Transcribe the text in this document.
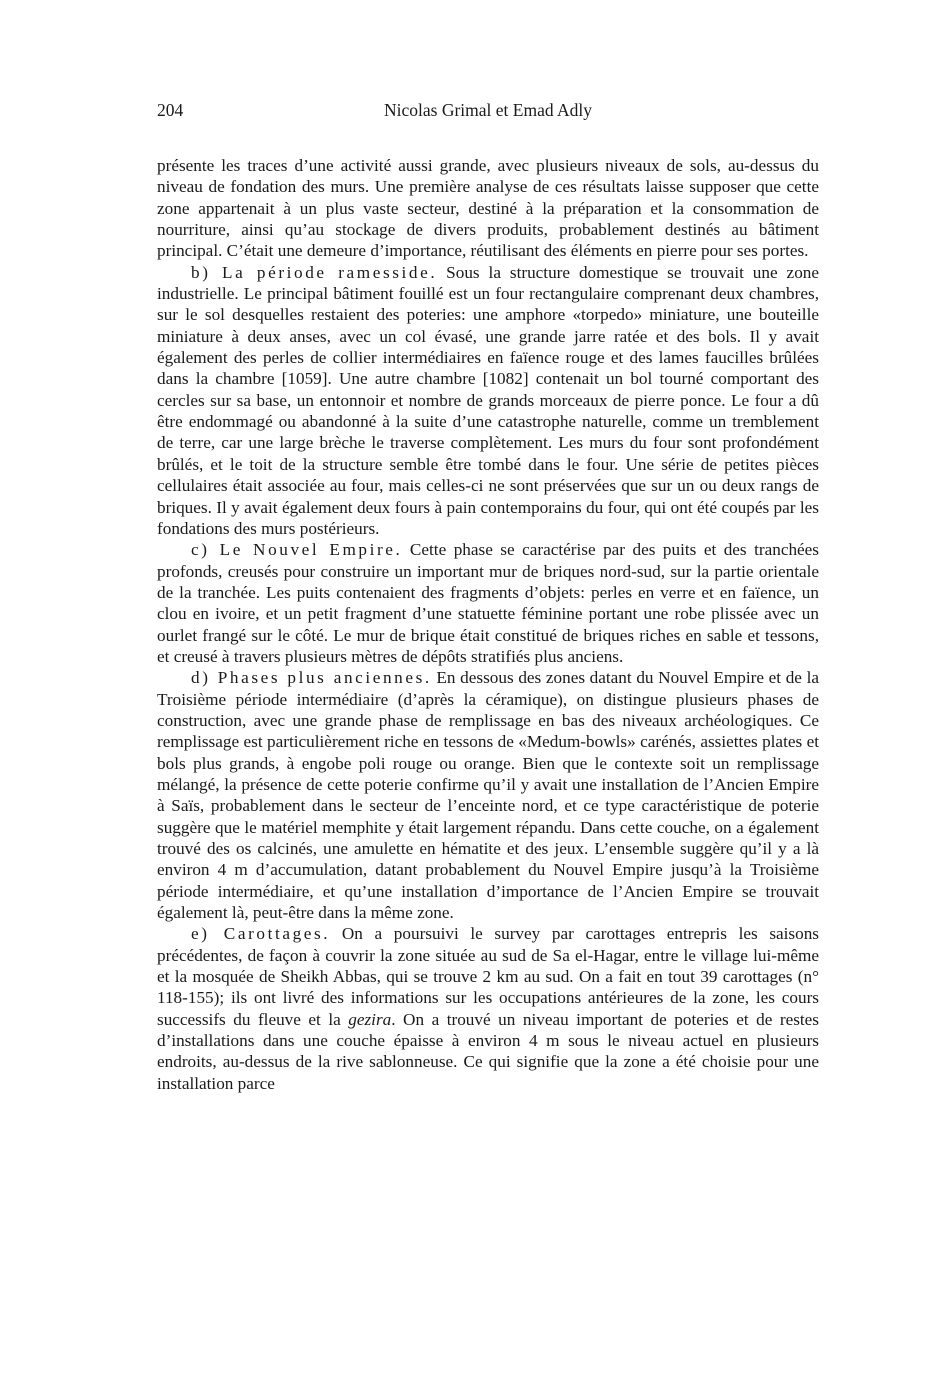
204	Nicolas Grimal et Emad Adly

présente les traces d’une activité aussi grande, avec plusieurs niveaux de sols, au-dessus du niveau de fondation des murs. Une première analyse de ces résultats laisse supposer que cette zone appartenait à un plus vaste secteur, destiné à la préparation et la consommation de nourriture, ainsi qu’au stockage de divers produits, probablement destinés au bâtiment principal. C’était une demeure d’importance, réutilisant des éléments en pierre pour ses portes.

b) La période ramesside. Sous la structure domestique se trouvait une zone industrielle. Le principal bâtiment fouillé est un four rectangulaire comprenant deux chambres, sur le sol desquelles restaient des poteries: une amphore «torpedo» miniature, une bouteille miniature à deux anses, avec un col évasé, une grande jarre ratée et des bols. Il y avait également des perles de collier intermédiaires en faïence rouge et des lames faucilles brûlées dans la chambre [1059]. Une autre chambre [1082] contenait un bol tourné comportant des cercles sur sa base, un entonnoir et nombre de grands morceaux de pierre ponce. Le four a dû être endommagé ou abandonné à la suite d’une catastrophe naturelle, comme un tremblement de terre, car une large brèche le traverse complètement. Les murs du four sont profondément brûlés, et le toit de la structure semble être tombé dans le four. Une série de petites pièces cellulaires était associée au four, mais celles-ci ne sont préservées que sur un ou deux rangs de briques. Il y avait également deux fours à pain contemporains du four, qui ont été coupés par les fondations des murs postérieurs.

c) Le Nouvel Empire. Cette phase se caractérise par des puits et des tranchées profonds, creusés pour construire un important mur de briques nord-sud, sur la partie orientale de la tranchée. Les puits contenaient des fragments d’objets: perles en verre et en faïence, un clou en ivoire, et un petit fragment d’une statuette féminine portant une robe plissée avec un ourlet frangé sur le côté. Le mur de brique était constitué de briques riches en sable et tessons, et creusé à travers plusieurs mètres de dépôts stratifiés plus anciens.

d) Phases plus anciennes. En dessous des zones datant du Nouvel Empire et de la Troisième période intermédiaire (d’après la céramique), on distingue plusieurs phases de construction, avec une grande phase de remplissage en bas des niveaux archéologiques. Ce remplissage est particulièrement riche en tessons de «Medum-bowls» carénés, assiettes plates et bols plus grands, à engobe poli rouge ou orange. Bien que le contexte soit un remplissage mélangé, la présence de cette poterie confirme qu’il y avait une installation de l’Ancien Empire à Saïs, probablement dans le secteur de l’enceinte nord, et ce type caractéristique de poterie suggère que le matériel memphite y était largement répandu. Dans cette couche, on a également trouvé des os calcinés, une amulette en hématite et des jeux. L’ensemble suggère qu’il y a là environ 4 m d’accumulation, datant probablement du Nouvel Empire jusqu’à la Troisième période intermédiaire, et qu’une installation d’importance de l’Ancien Empire se trouvait également là, peut-être dans la même zone.

e) Carottages. On a poursuivi le survey par carottages entrepris les saisons précédentes, de façon à couvrir la zone située au sud de Sa el-Hagar, entre le village lui-même et la mosquée de Sheikh Abbas, qui se trouve 2 km au sud. On a fait en tout 39 carottages (n° 118-155); ils ont livré des informations sur les occupations antérieures de la zone, les cours successifs du fleuve et la gezira. On a trouvé un niveau important de poteries et de restes d’installations dans une couche épaisse à environ 4 m sous le niveau actuel en plusieurs endroits, au-dessus de la rive sablonneuse. Ce qui signifie que la zone a été choisie pour une installation parce
